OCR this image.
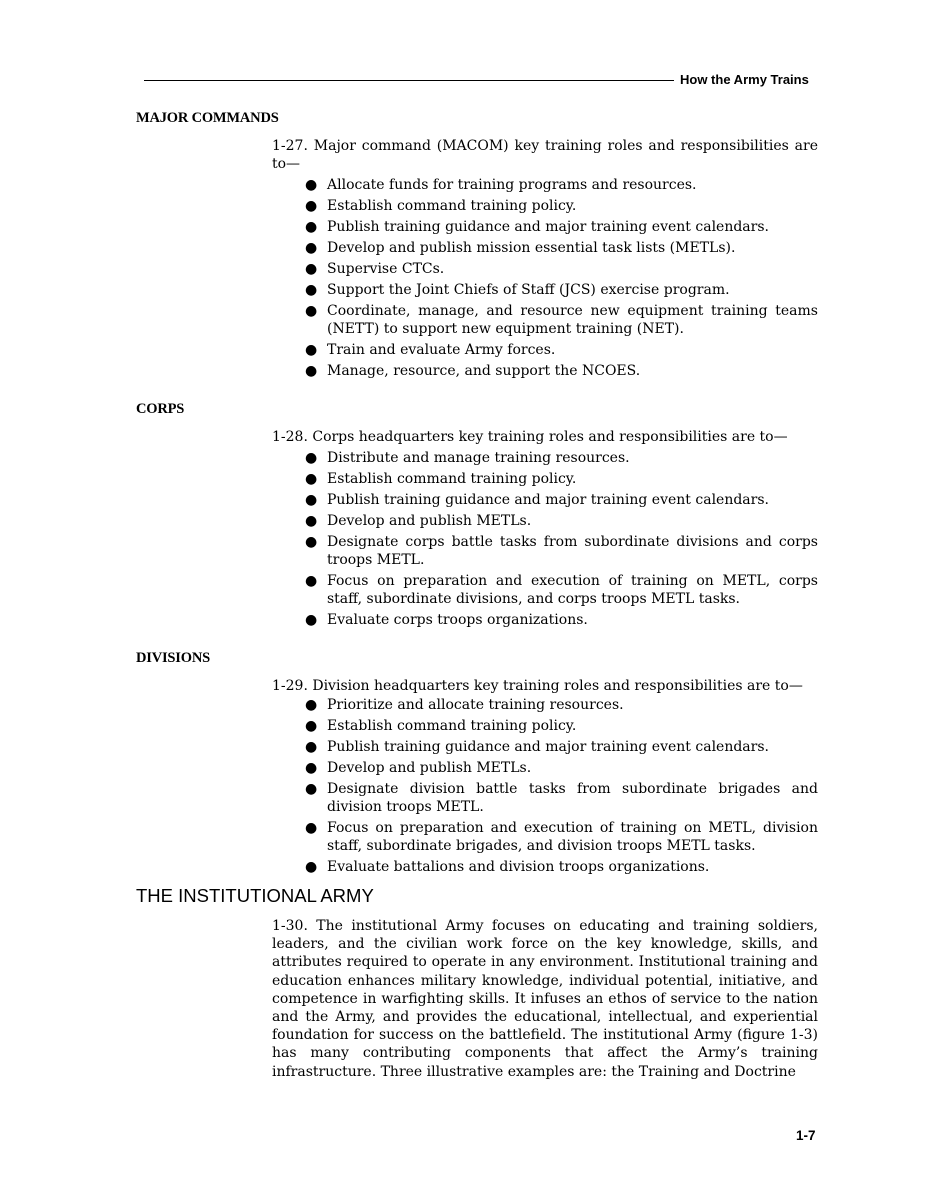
How the Army Trains
MAJOR COMMANDS
1-27. Major command (MACOM) key training roles and responsibilities are to—
● Allocate funds for training programs and resources.
● Establish command training policy.
● Publish training guidance and major training event calendars.
● Develop and publish mission essential task lists (METLs).
● Supervise CTCs.
● Support the Joint Chiefs of Staff (JCS) exercise program.
● Coordinate, manage, and resource new equipment training teams (NETT) to support new equipment training (NET).
● Train and evaluate Army forces.
● Manage, resource, and support the NCOES.
CORPS
1-28. Corps headquarters key training roles and responsibilities are to—
● Distribute and manage training resources.
● Establish command training policy.
● Publish training guidance and major training event calendars.
● Develop and publish METLs.
● Designate corps battle tasks from subordinate divisions and corps troops METL.
● Focus on preparation and execution of training on METL, corps staff, subordinate divisions, and corps troops METL tasks.
● Evaluate corps troops organizations.
DIVISIONS
1-29. Division headquarters key training roles and responsibilities are to—
● Prioritize and allocate training resources.
● Establish command training policy.
● Publish training guidance and major training event calendars.
● Develop and publish METLs.
● Designate division battle tasks from subordinate brigades and division troops METL.
● Focus on preparation and execution of training on METL, division staff, subordinate brigades, and division troops METL tasks.
● Evaluate battalions and division troops organizations.
THE INSTITUTIONAL ARMY
1-30. The institutional Army focuses on educating and training soldiers, leaders, and the civilian work force on the key knowledge, skills, and attributes required to operate in any environment. Institutional training and education enhances military knowledge, individual potential, initiative, and competence in warfighting skills. It infuses an ethos of service to the nation and the Army, and provides the educational, intellectual, and experiential foundation for success on the battlefield. The institutional Army (figure 1-3) has many contributing components that affect the Army’s training infrastructure. Three illustrative examples are: the Training and Doctrine
1-7
